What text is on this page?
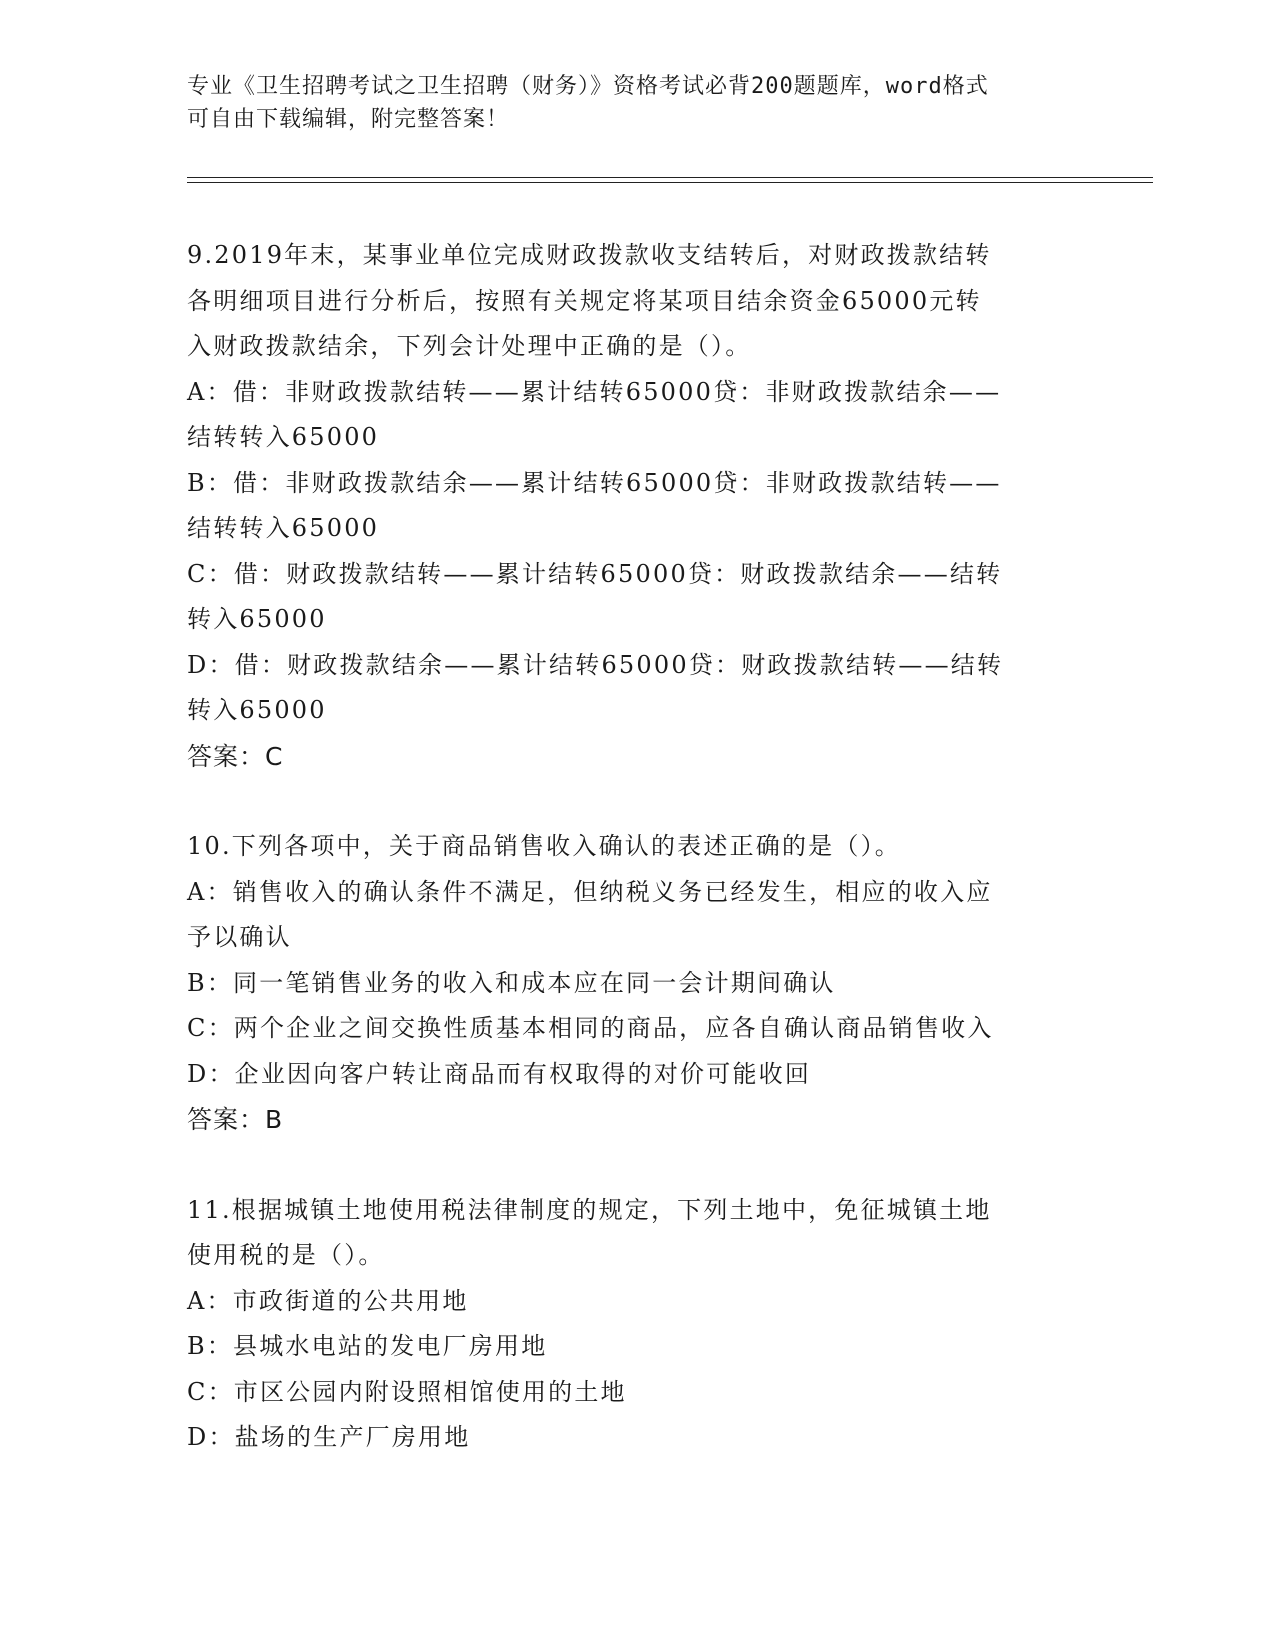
专业《卫生招聘考试之卫生招聘（财务）》资格考试必背200题题库，word格式
可自由下载编辑，附完整答案！

9.2019年末，某事业单位完成财政拨款收支结转后，对财政拨款结转

各明细项目进行分析后，按照有关规定将某项目结余资金65000元转

入财政拨款结余，下列会计处理中正确的是（）。

A：借：非财政拨款结转——累计结转65000贷：非财政拨款结余——

结转转入65000

B：借：非财政拨款结余——累计结转65000贷：非财政拨款结转——

结转转入65000

C：借：财政拨款结转——累计结转65000贷：财政拨款结余——结转

转入65000

D：借：财政拨款结余——累计结转65000贷：财政拨款结转——结转

转入65000

答案：C

10.下列各项中，关于商品销售收入确认的表述正确的是（）。

A：销售收入的确认条件不满足，但纳税义务已经发生，相应的收入应

予以确认

B：同一笔销售业务的收入和成本应在同一会计期间确认

C：两个企业之间交换性质基本相同的商品，应各自确认商品销售收入

D：企业因向客户转让商品而有权取得的对价可能收回

答案：B

11.根据城镇土地使用税法律制度的规定，下列土地中，免征城镇土地

使用税的是（）。

A：市政街道的公共用地

B：县城水电站的发电厂房用地

C：市区公园内附设照相馆使用的土地

D：盐场的生产厂房用地
